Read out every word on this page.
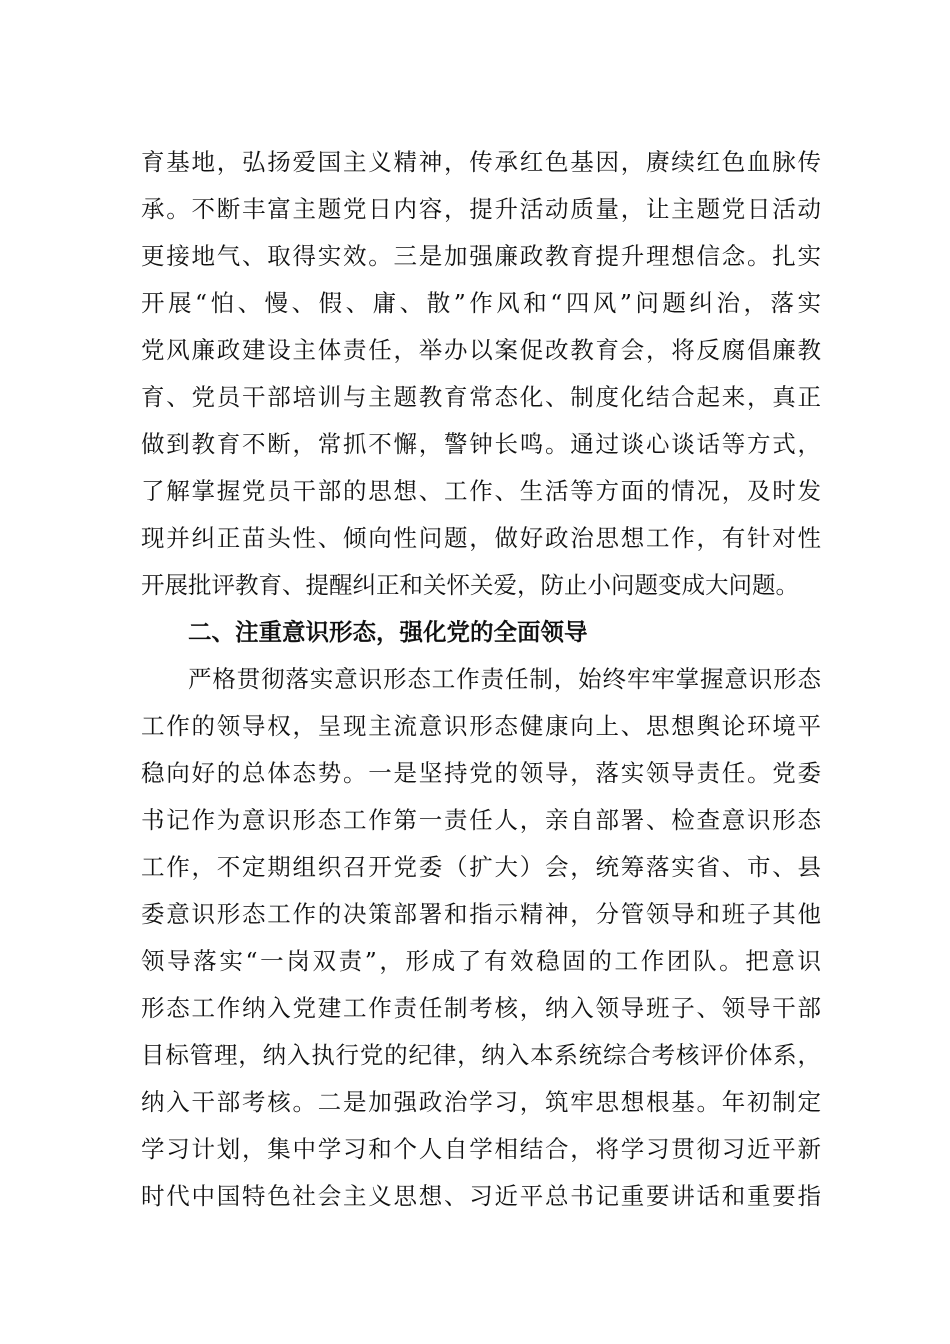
育基地，弘扬爱国主义精神，传承红色基因，赓续红色血脉传
承。不断丰富主题党日内容，提升活动质量，让主题党日活动
更接地气、取得实效。三是加强廉政教育提升理想信念。扎实
开展“怕、慢、假、庸、散”作风和“四风”问题纠治，落实
党风廉政建设主体责任，举办以案促改教育会，将反腐倡廉教
育、党员干部培训与主题教育常态化、制度化结合起来，真正
做到教育不断，常抓不懈，警钟长鸣。通过谈心谈话等方式，
了解掌握党员干部的思想、工作、生活等方面的情况，及时发
现并纠正苗头性、倾向性问题，做好政治思想工作，有针对性
开展批评教育、提醒纠正和关怀关爱，防止小问题变成大问题。
二、注重意识形态，强化党的全面领导
严格贯彻落实意识形态工作责任制，始终牢牢掌握意识形态
工作的领导权，呈现主流意识形态健康向上、思想舆论环境平
稳向好的总体态势。一是坚持党的领导，落实领导责任。党委
书记作为意识形态工作第一责任人，亲自部署、检查意识形态
工作，不定期组织召开党委（扩大）会，统筹落实省、市、县
委意识形态工作的决策部署和指示精神，分管领导和班子其他
领导落实“一岗双责”，形成了有效稳固的工作团队。把意识
形态工作纳入党建工作责任制考核，纳入领导班子、领导干部
目标管理，纳入执行党的纪律，纳入本系统综合考核评价体系，
纳入干部考核。二是加强政治学习，筑牢思想根基。年初制定
学习计划，集中学习和个人自学相结合，将学习贯彻习近平新
时代中国特色社会主义思想、习近平总书记重要讲话和重要指
